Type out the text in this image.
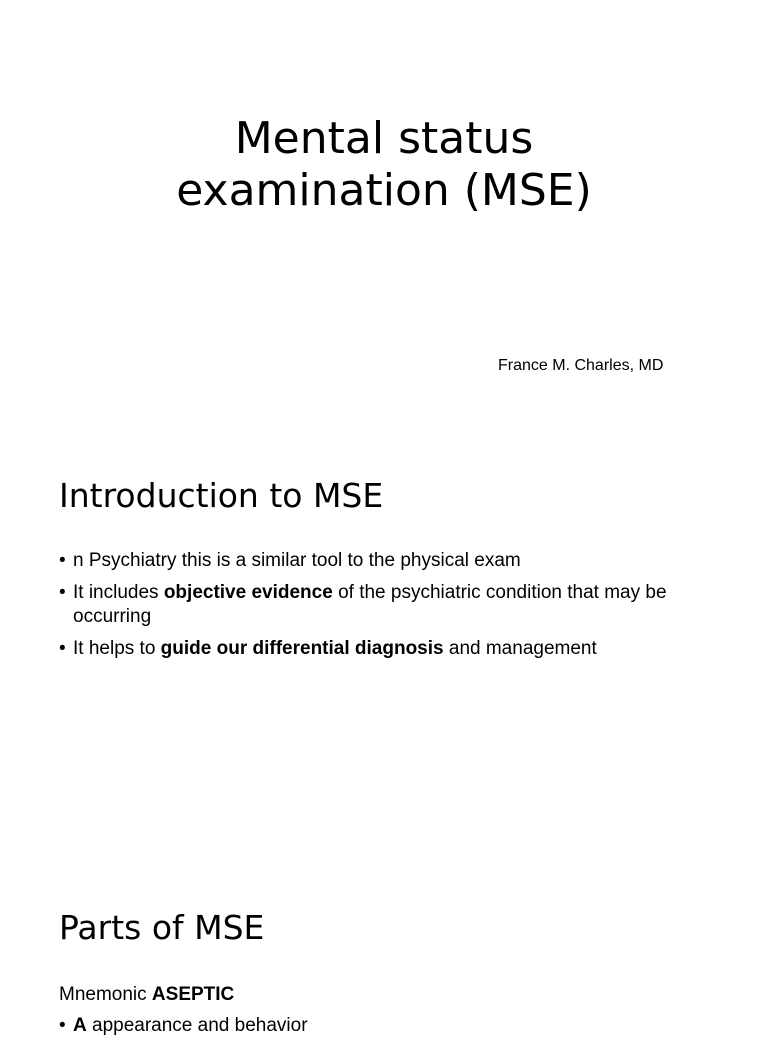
Mental status
examination (MSE)
France M. Charles, MD
Introduction to MSE
• n Psychiatry this is a similar tool to the physical exam
• It includes objective evidence of the psychiatric condition that may be occurring
• It helps to guide our differential diagnosis and management
Parts of MSE
Mnemonic ASEPTIC
• A appearance and behavior
